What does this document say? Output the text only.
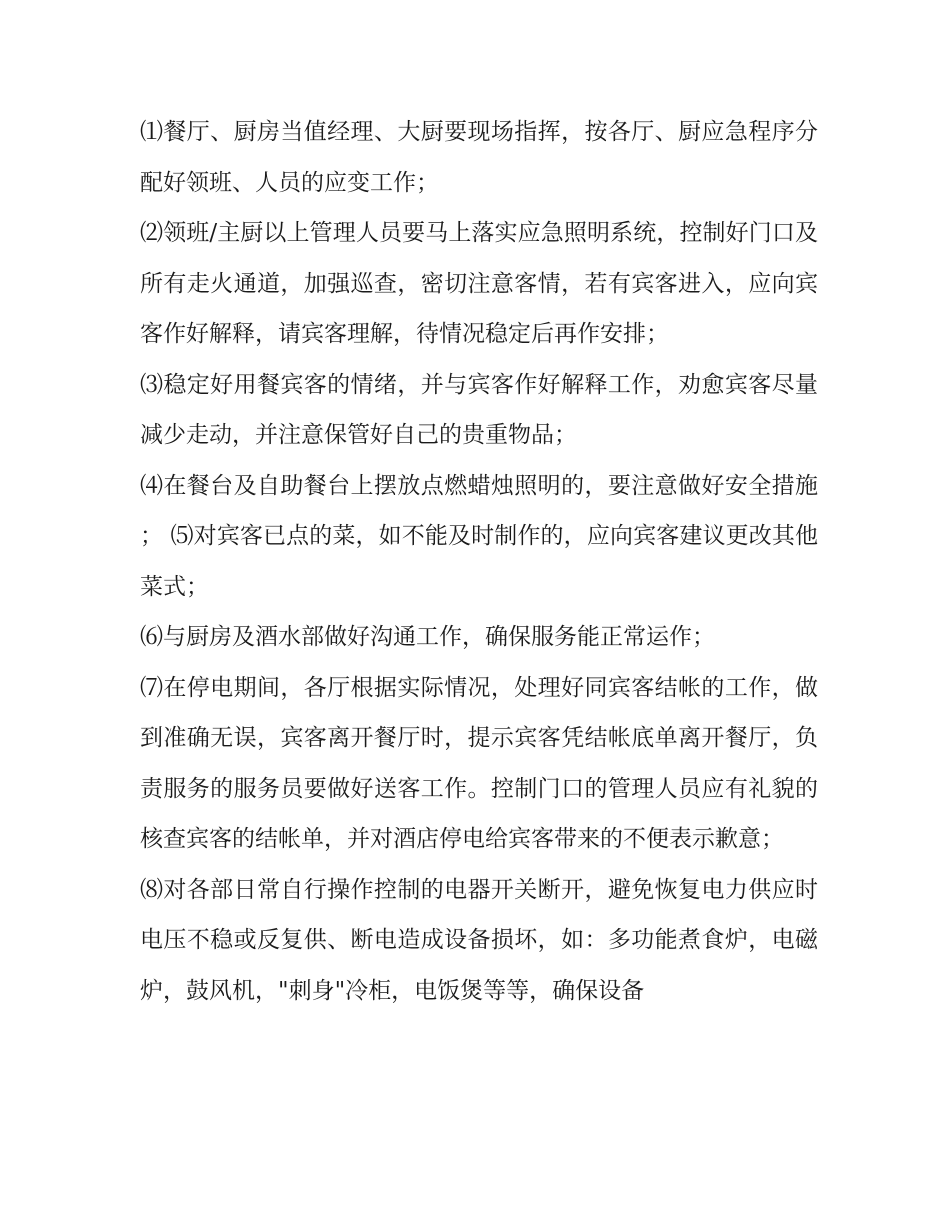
⑴餐厅、厨房当值经理、大厨要现场指挥，按各厅、厨应急程序分配好领班、人员的应变工作；

⑵领班/主厨以上管理人员要马上落实应急照明系统，控制好门口及所有走火通道，加强巡查，密切注意客情，若有宾客进入，应向宾客作好解释，请宾客理解，待情况稳定后再作安排；

⑶稳定好用餐宾客的情绪，并与宾客作好解释工作，劝愈宾客尽量减少走动，并注意保管好自己的贵重物品；

⑷在餐台及自助餐台上摆放点燃蜡烛照明的，要注意做好安全措施； ⑸对宾客已点的菜，如不能及时制作的，应向宾客建议更改其他菜式；

⑹与厨房及酒水部做好沟通工作，确保服务能正常运作；

⑺在停电期间，各厅根据实际情况，处理好同宾客结帐的工作，做到准确无误，宾客离开餐厅时，提示宾客凭结帐底单离开餐厅，负责服务的服务员要做好送客工作。控制门口的管理人员应有礼貌的核查宾客的结帐单，并对酒店停电给宾客带来的不便表示歉意；

⑻对各部日常自行操作控制的电器开关断开，避免恢复电力供应时电压不稳或反复供、断电造成设备损坏，如：多功能煮食炉，电磁炉，鼓风机，"刺身"冷柜，电饭煲等等，确保设备
